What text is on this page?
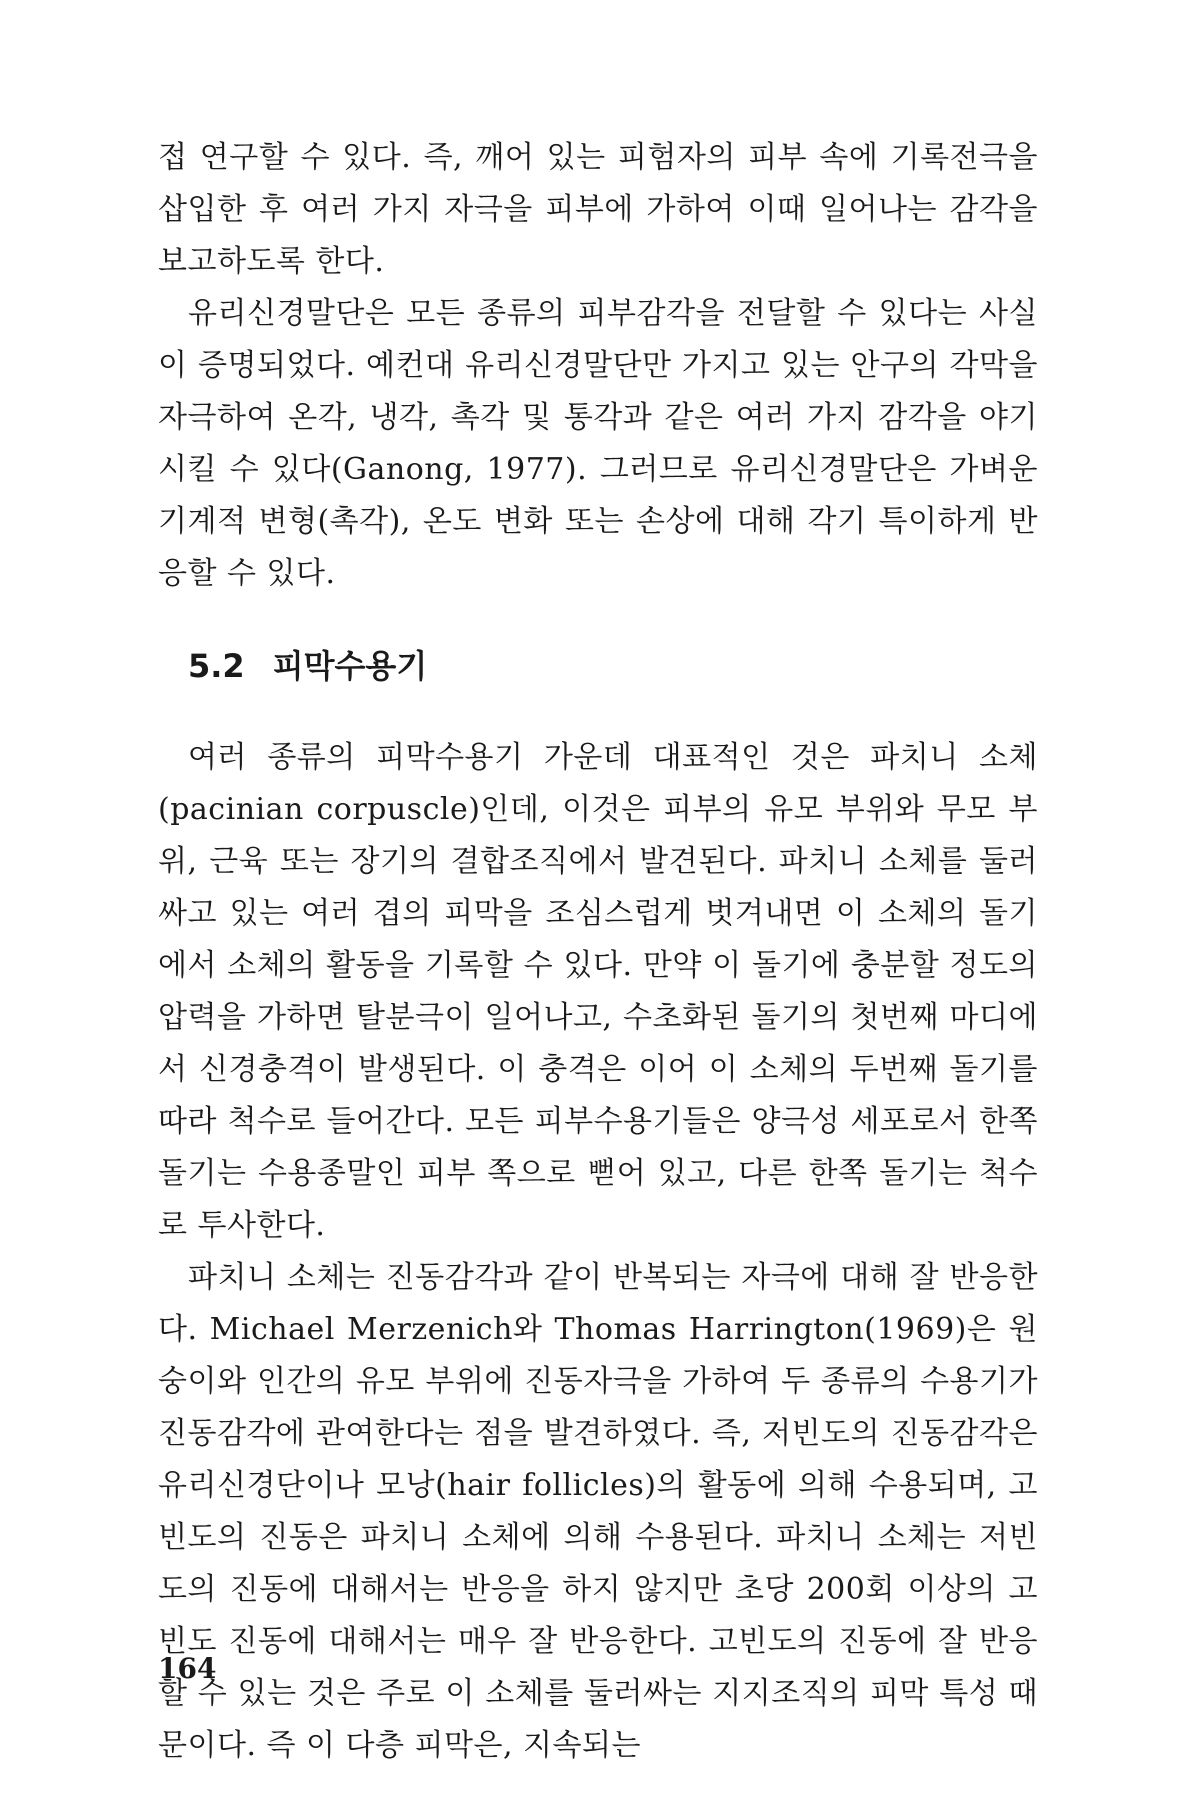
접 연구할 수 있다. 즉, 깨어 있는 피험자의 피부 속에 기록전극을 삽입한 후 여러 가지 자극을 피부에 가하여 이때 일어나는 감각을 보고하도록 한다.

유리신경말단은 모든 종류의 피부감각을 전달할 수 있다는 사실이 증명되었다. 예컨대 유리신경말단만 가지고 있는 안구의 각막을 자극하여 온각, 냉각, 촉각 및 통각과 같은 여러 가지 감각을 야기시킬 수 있다(Ganong, 1977). 그러므로 유리신경말단은 가벼운 기계적 변형(촉각), 온도 변화 또는 손상에 대해 각기 특이하게 반응할 수 있다.

5.2 피막수용기

여러 종류의 피막수용기 가운데 대표적인 것은 파치니 소체(pacinian corpuscle)인데, 이것은 피부의 유모 부위와 무모 부위, 근육 또는 장기의 결합조직에서 발견된다. 파치니 소체를 둘러싸고 있는 여러 겹의 피막을 조심스럽게 벗겨내면 이 소체의 돌기에서 소체의 활동을 기록할 수 있다. 만약 이 돌기에 충분할 정도의 압력을 가하면 탈분극이 일어나고, 수초화된 돌기의 첫번째 마디에서 신경충격이 발생된다. 이 충격은 이어 이 소체의 두번째 돌기를 따라 척수로 들어간다. 모든 피부수용기들은 양극성 세포로서 한쪽 돌기는 수용종말인 피부 쪽으로 뻗어 있고, 다른 한쪽 돌기는 척수로 투사한다.

파치니 소체는 진동감각과 같이 반복되는 자극에 대해 잘 반응한다. Michael Merzenich와 Thomas Harrington(1969)은 원숭이와 인간의 유모 부위에 진동자극을 가하여 두 종류의 수용기가 진동감각에 관여한다는 점을 발견하였다. 즉, 저빈도의 진동감각은 유리신경단이나 모낭(hair follicles)의 활동에 의해 수용되며, 고빈도의 진동은 파치니 소체에 의해 수용된다. 파치니 소체는 저빈도의 진동에 대해서는 반응을 하지 않지만 초당 200회 이상의 고빈도 진동에 대해서는 매우 잘 반응한다. 고빈도의 진동에 잘 반응할 수 있는 것은 주로 이 소체를 둘러싸는 지지조직의 피막 특성 때문이다. 즉 이 다층 피막은, 지속되는

164
